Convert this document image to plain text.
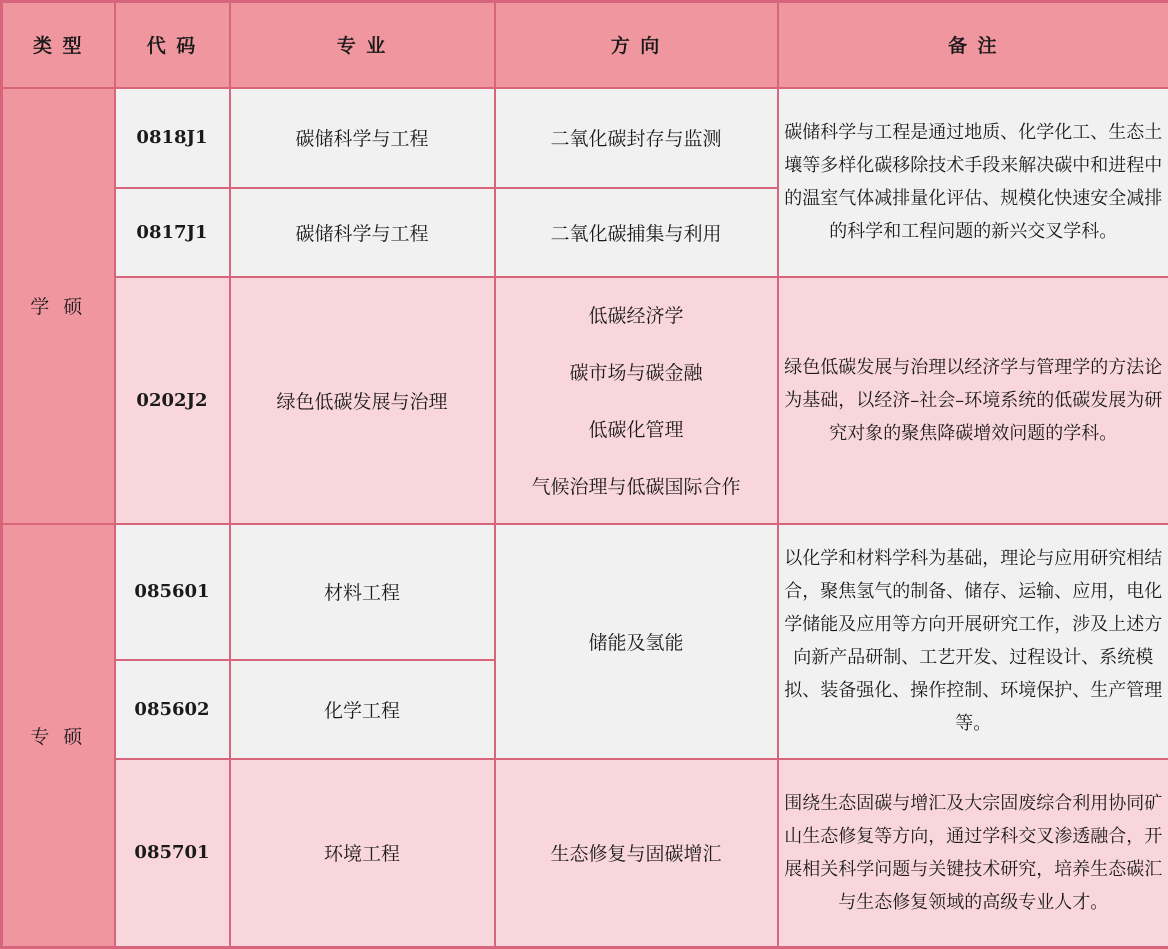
类 型	代 码	专 业	方 向	备 注
学 硕	0818J1	碳储科学与工程	二氧化碳封存与监测	碳储科学与工程是通过地质、化学化工、生态土壤等多样化碳移除技术手段来解决碳中和进程中的温室气体减排量化评估、规模化快速安全减排的科学和工程问题的新兴交叉学科。
	0817J1	碳储科学与工程	二氧化碳捕集与利用	
	0202J2	绿色低碳发展与治理	低碳经济学
碳市场与碳金融
低碳化管理
气候治理与低碳国际合作	绿色低碳发展与治理以经济学与管理学的方法论为基础，以经济–社会–环境系统的低碳发展为研究对象的聚焦降碳增效问题的学科。
专 硕	085601	材料工程	储能及氢能	以化学和材料学科为基础，理论与应用研究相结合，聚焦氢气的制备、储存、运输、应用，电化学储能及应用等方向开展研究工作，涉及上述方向新产品研制、工艺开发、过程设计、系统模拟、装备强化、操作控制、环境保护、生产管理等。
	085602	化学工程		
	085701	环境工程	生态修复与固碳增汇	围绕生态固碳与增汇及大宗固废综合利用协同矿山生态修复等方向，通过学科交叉渗透融合，开展相关科学问题与关键技术研究，培养生态碳汇与生态修复领域的高级专业人才。
